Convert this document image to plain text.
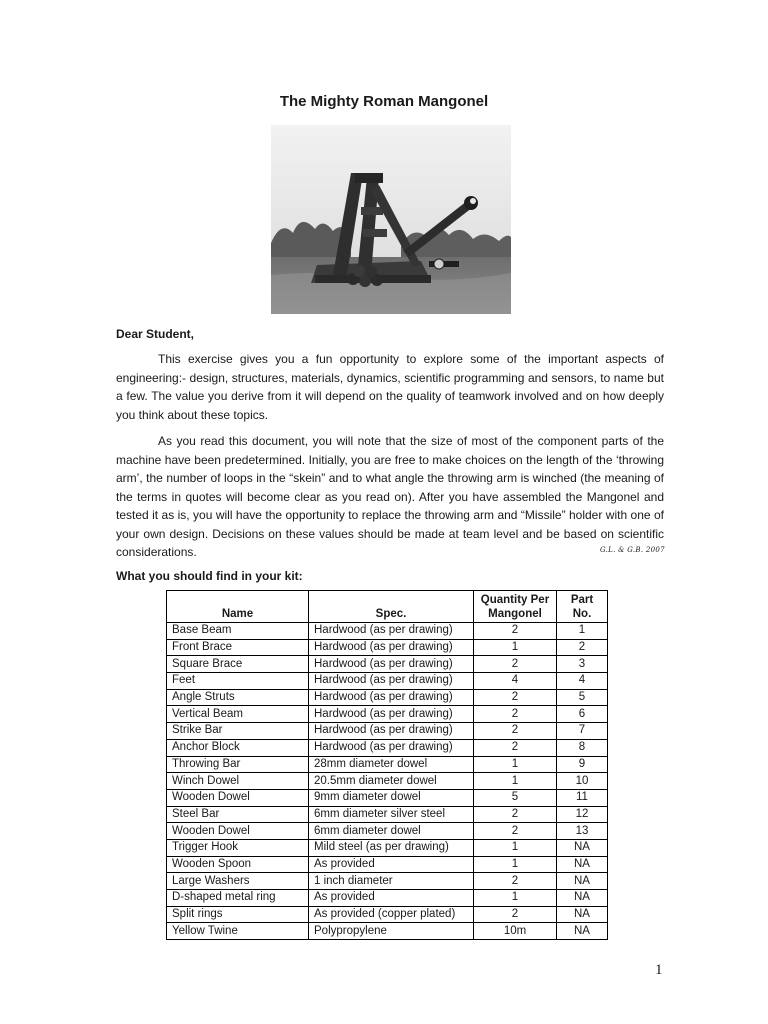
The Mighty Roman Mangonel
Dear Student,

This exercise gives you a fun opportunity to explore some of the important aspects of engineering:- design, structures, materials, dynamics, scientific programming and sensors, to name but a few. The value you derive from it will depend on the quality of teamwork involved and on how deeply you think about these topics.

As you read this document, you will note that the size of most of the component parts of the machine have been predetermined. Initially, you are free to make choices on the length of the ‘throwing arm’, the number of loops in the “skein” and to what angle the throwing arm is winched (the meaning of the terms in quotes will become clear as you read on). After you have assembled the Mangonel and tested it as is, you will have the opportunity to replace the throwing arm and “Missile” holder with one of your own design. Decisions on these values should be made at team level and be based on scientific considerations.	G.L. & G.B. 2007
What you should find in your kit:
Name	Spec.	Quantity Per Mangonel	Part No.
Base Beam	Hardwood (as per drawing)	2	1
Front Brace	Hardwood (as per drawing)	1	2
Square Brace	Hardwood (as per drawing)	2	3
Feet	Hardwood (as per drawing)	4	4
Angle Struts	Hardwood (as per drawing)	2	5
Vertical Beam	Hardwood (as per drawing)	2	6
Strike Bar	Hardwood (as per drawing)	2	7
Anchor Block	Hardwood (as per drawing)	2	8
Throwing Bar	28mm diameter dowel	1	9
Winch Dowel	20.5mm diameter dowel	1	10
Wooden Dowel	9mm diameter dowel	5	11
Steel Bar	6mm diameter silver steel	2	12
Wooden Dowel	6mm diameter dowel	2	13
Trigger Hook	Mild steel (as per drawing)	1	NA
Wooden Spoon	As provided	1	NA
Large Washers	1 inch diameter	2	NA
D-shaped metal ring	As provided	1	NA
Split rings	As provided (copper plated)	2	NA
Yellow Twine	Polypropylene	10m	NA
1
